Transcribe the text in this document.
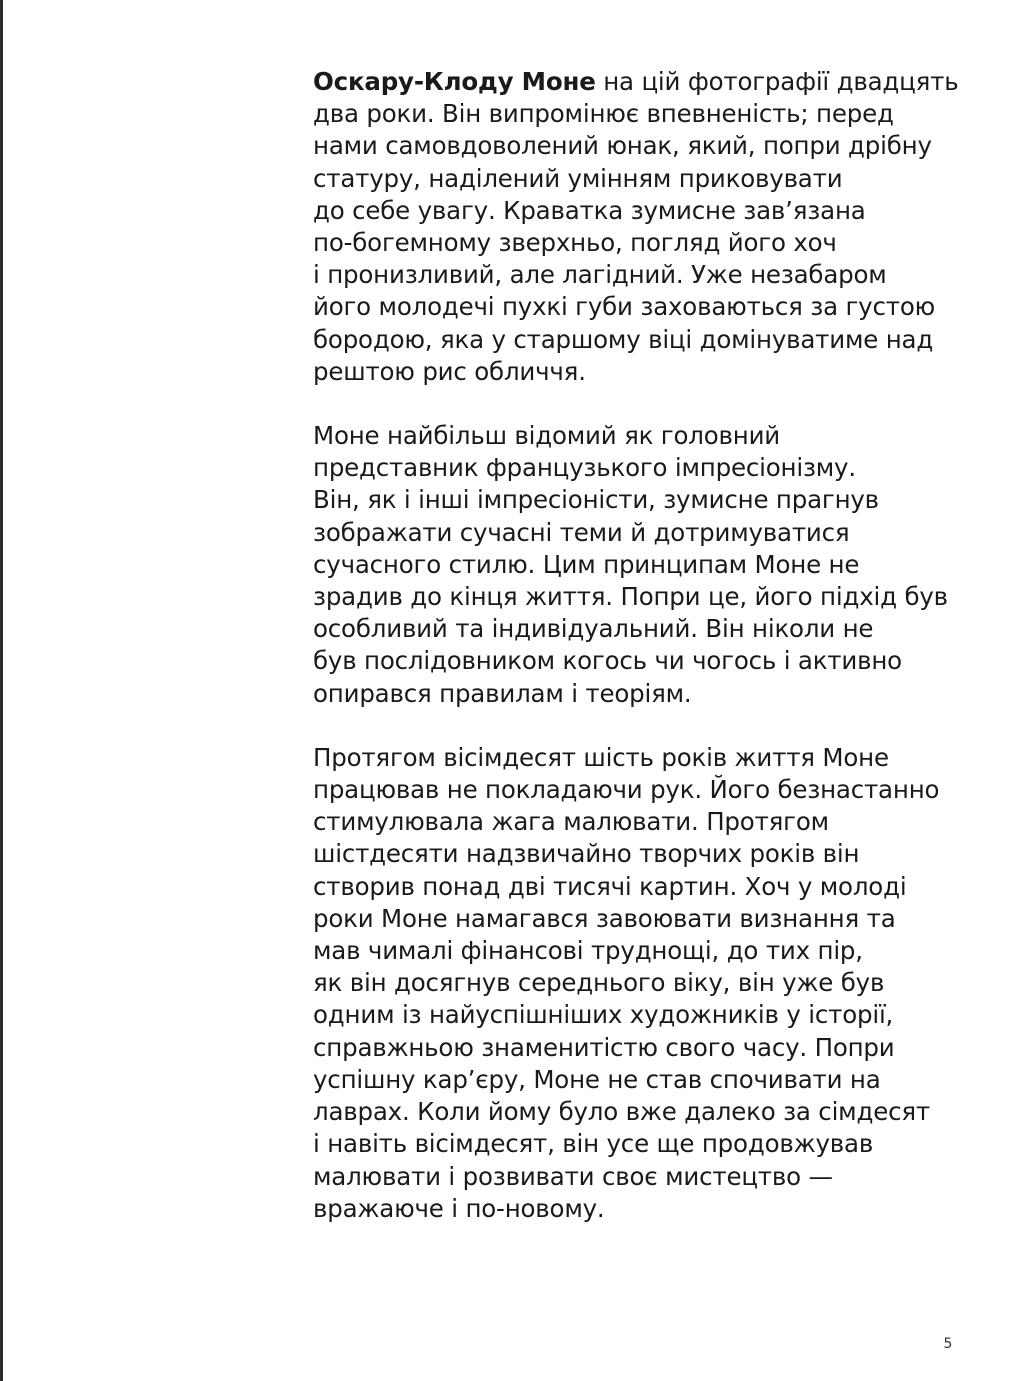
Оскару-Клоду Моне на цій фотографії двадцять
два роки. Він випромінює впевненість; перед
нами самовдоволений юнак, який, попри дрібну
статуру, наділений умінням приковувати
до себе увагу. Краватка зумисне зав’язана
по-богемному зверхньо, погляд його хоч
і пронизливий, але лагідний. Уже незабаром
його молодечі пухкі губи заховаються за густою
бородою, яка у старшому віці домінуватиме над
рештою рис обличчя.

Моне найбільш відомий як головний
представник французького імпресіонізму.
Він, як і інші імпресіоністи, зумисне прагнув
зображати сучасні теми й дотримуватися
сучасного стилю. Цим принципам Моне не
зрадив до кінця життя. Попри це, його підхід був
особливий та індивідуальний. Він ніколи не
був послідовником когось чи чогось і активно
опирався правилам і теоріям.

Протягом вісімдесят шість років життя Моне
працював не покладаючи рук. Його безнастанно
стимулювала жага малювати. Протягом
шістдесяти надзвичайно творчих років він
створив понад дві тисячі картин. Хоч у молоді
роки Моне намагався завоювати визнання та
мав чималі фінансові труднощі, до тих пір,
як він досягнув середнього віку, він уже був
одним із найуспішніших художників у історії,
справжньою знаменитістю свого часу. Попри
успішну кар’єру, Моне не став спочивати на
лаврах. Коли йому було вже далеко за сімдесят
і навіть вісімдесят, він усе ще продовжував
малювати і розвивати своє мистецтво —
вражаюче і по-новому.

5
